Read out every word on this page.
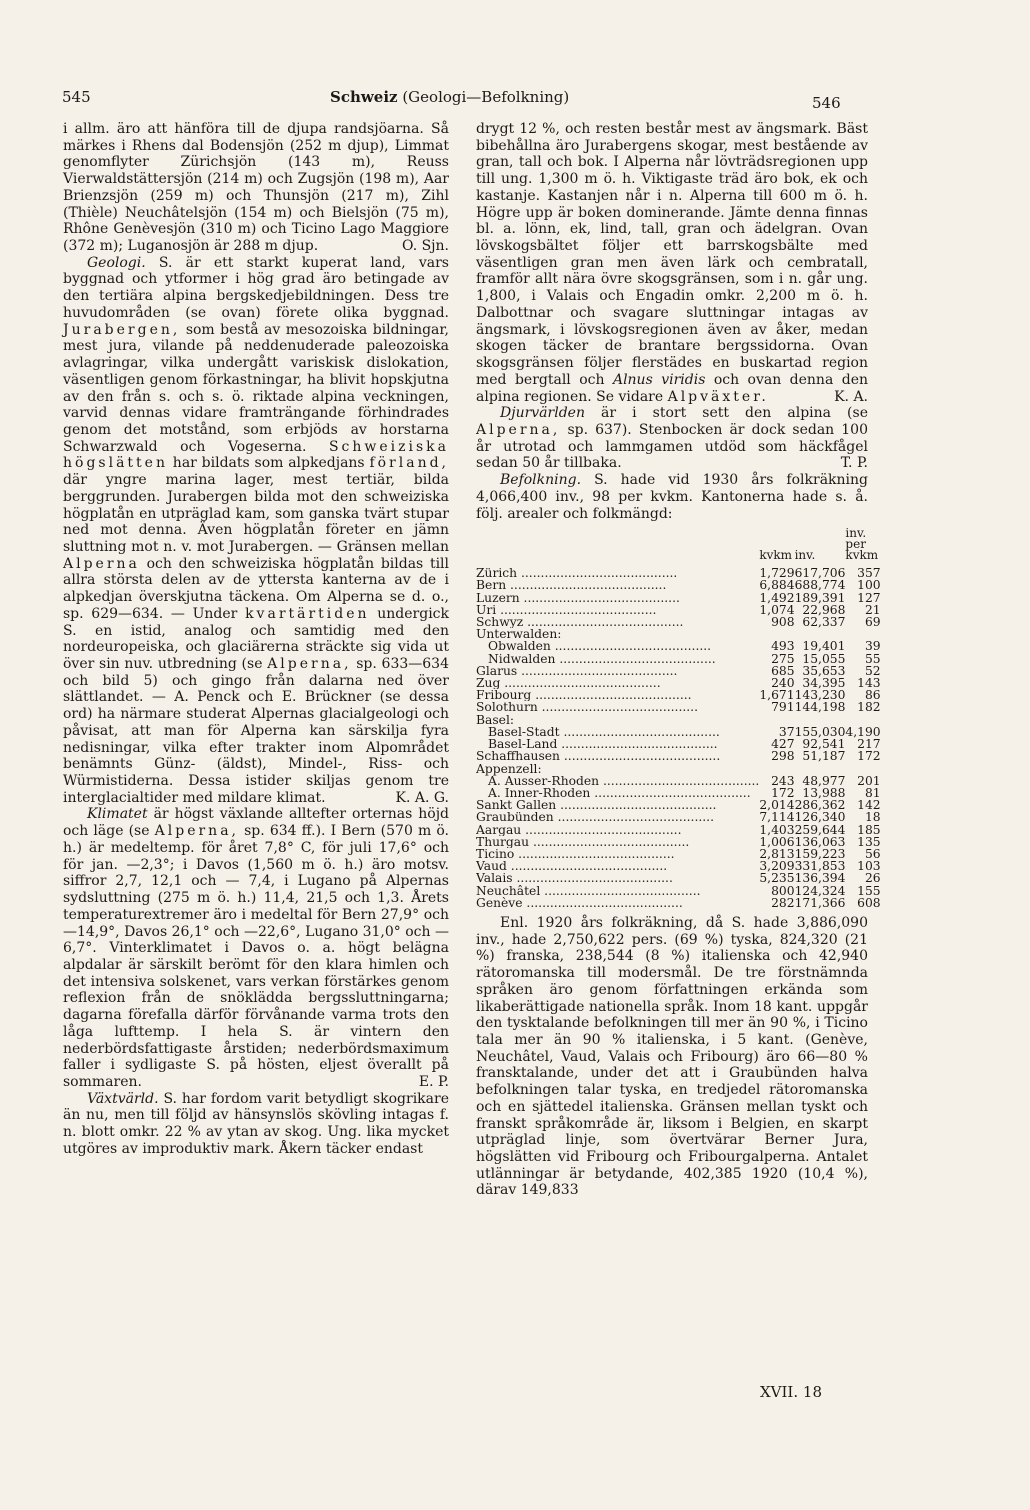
545	Schweiz (Geologi—Befolkning)	546

i allm. äro att hänföra till de djupa randsjöarna. Så märkes i Rhens dal Bodensjön (252 m djup), Limmat genomflyter Zürichsjön (143 m), Reuss Vierwaldstättersjön (214 m) och Zugsjön (198 m), Aar Brienzsjön (259 m) och Thunsjön (217 m), Zihl (Thièle) Neuchâtelsjön (154 m) och Bielsjön (75 m), Rhône Genèvesjön (310 m) och Ticino Lago Maggiore (372 m); Luganosjön är 288 m djup.	O. Sjn.

Geologi. S. är ett starkt kuperat land, vars byggnad och ytformer i hög grad äro betingade av den tertiära alpina bergskedjebildningen. Dess tre huvudområden (se ovan) förete olika byggnad. Jurabergen, som bestå av mesozoiska bildningar, mest jura, vilande på neddenuderade paleozoiska avlagringar, vilka undergått variskisk dislokation, väsentligen genom förkastningar, ha blivit hopskjutna av den från s. och s. ö. riktade alpina veckningen, varvid dennas vidare framträngande förhindrades genom det motstånd, som erbjöds av horstarna Schwarzwald och Vogeserna. Schweiziska högslätten har bildats som alpkedjans förland, där yngre marina lager, mest tertiär, bilda berggrunden. Jurabergen bilda mot den schweiziska högplatån en utpräglad kam, som ganska tvärt stupar ned mot denna. Även högplatån företer en jämn sluttning mot n. v. mot Jurabergen. — Gränsen mellan Alperna och den schweiziska högplatån bildas till allra största delen av de yttersta kanterna av de i alpkedjan överskjutna täckena. Om Alperna se d. o., sp. 629—634. — Under kvartärtiden undergick S. en istid, analog och samtidig med den nordeuropeiska, och glaciärerna sträckte sig vida ut över sin nuv. utbredning (se Alperna, sp. 633—634 och bild 5) och gingo från dalarna ned över slättlandet. — A. Penck och E. Brückner (se dessa ord) ha närmare studerat Alpernas glacialgeologi och påvisat, att man för Alperna kan särskilja fyra nedisningar, vilka efter trakter inom Alpområdet benämnts Günz- (äldst), Mindel-, Riss- och Würmistiderna. Dessa istider skiljas genom tre interglacialtider med mildare klimat.	K. A. G.

Klimatet är högst växlande alltefter orternas höjd och läge (se Alperna, sp. 634 ff.). I Bern (570 m ö. h.) är medeltemp. för året 7,8° C, för juli 17,6° och för jan. —2,3°; i Davos (1,560 m ö. h.) äro motsv. siffror 2,7, 12,1 och — 7,4, i Lugano på Alpernas sydsluttning (275 m ö. h.) 11,4, 21,5 och 1,3. Årets temperaturextremer äro i medeltal för Bern 27,9° och —14,9°, Davos 26,1° och —22,6°, Lugano 31,0° och — 6,7°. Vinterklimatet i Davos o. a. högt belägna alpdalar är särskilt berömt för den klara himlen och det intensiva solskenet, vars verkan förstärkes genom reflexion från de snöklädda bergssluttningarna; dagarna förefalla därför förvånande varma trots den låga lufttemp. I hela S. är vintern den nederbördsfattigaste årstiden; nederbördsmaximum faller i sydligaste S. på hösten, eljest överallt på sommaren.	E. P.

Växtvärld. S. har fordom varit betydligt skogrikare än nu, men till följd av hänsynslös skövling intagas f. n. blott omkr. 22 % av ytan av skog. Ung. lika mycket utgöres av improduktiv mark. Åkern täcker endast

drygt 12 %, och resten består mest av ängsmark. Bäst bibehållna äro Jurabergens skogar, mest bestående av gran, tall och bok. I Alperna når lövträdsregionen upp till ung. 1,300 m ö. h. Viktigaste träd äro bok, ek och kastanje. Kastanjen når i n. Alperna till 600 m ö. h. Högre upp är boken dominerande. Jämte denna finnas bl. a. lönn, ek, lind, tall, gran och ädelgran. Ovan lövskogsbältet följer ett barrskogsbälte med väsentligen gran men även lärk och cembratall, framför allt nära övre skogsgränsen, som i n. går ung. 1,800, i Valais och Engadin omkr. 2,200 m ö. h. Dalbottnar och svagare sluttningar intagas av ängsmark, i lövskogsregionen även av åker, medan skogen täcker de brantare bergssidorna. Ovan skogsgränsen följer flerstädes en buskartad region med bergtall och Alnus viridis och ovan denna den alpina regionen. Se vidare Alpväxter.	K. A.

Djurvärlden är i stort sett den alpina (se Alperna, sp. 637). Stenbocken är dock sedan 100 år utrotad och lammgamen utdöd som häckfågel sedan 50 år tillbaka.	T. P.

Befolkning. S. hade vid 1930 års folkräkning 4,066,400 inv., 98 per kvkm. Kantonerna hade s. å. följ. arealer och folkmängd:

	kvkm	inv.	inv. per kvkm
Zürich ........................................	1,729	617,706	357
Bern ........................................	6,884	688,774	100
Luzern ........................................	1,492	189,391	127
Uri ........................................	1,074	22,968	21
Schwyz ........................................	908	62,337	69
Unterwalden:			
Obwalden ........................................	493	19,401	39
Nidwalden ........................................	275	15,055	55
Glarus ........................................	685	35,653	52
Zug ........................................	240	34,395	143
Fribourg ........................................	1,671	143,230	86
Solothurn ........................................	791	144,198	182
Basel:			
Basel-Stadt ........................................	37	155,030	4,190
Basel-Land ........................................	427	92,541	217
Schaffhausen ........................................	298	51,187	172
Appenzell:			
A. Ausser-Rhoden ........................................	243	48,977	201
A. Inner-Rhoden ........................................	172	13,988	81
Sankt Gallen ........................................	2,014	286,362	142
Graubünden ........................................	7,114	126,340	18
Aargau ........................................	1,403	259,644	185
Thurgau ........................................	1,006	136,063	135
Ticino ........................................	2,813	159,223	56
Vaud ........................................	3,209	331,853	103
Valais ........................................	5,235	136,394	26
Neuchâtel ........................................	800	124,324	155
Genève ........................................	282	171,366	608

Enl. 1920 års folkräkning, då S. hade 3,886,090 inv., hade 2,750,622 pers. (69 %) tyska, 824,320 (21 %) franska, 238,544 (8 %) italienska och 42,940 rätoromanska till modersmål. De tre förstnämnda språken äro genom författningen erkända som likaberättigade nationella språk. Inom 18 kant. uppgår den tysktalande befolkningen till mer än 90 %, i Ticino tala mer än 90 % italienska, i 5 kant. (Genève, Neuchâtel, Vaud, Valais och Fribourg) äro 66—80 % fransktalande, under det att i Graubünden halva befolkningen talar tyska, en tredjedel rätoromanska och en sjättedel italienska. Gränsen mellan tyskt och franskt språkområde är, liksom i Belgien, en skarpt utpräglad linje, som övertvärar Berner Jura, högslätten vid Fribourg och Fribourgalperna. Antalet utlänningar är betydande, 402,385 1920 (10,4 %), därav 149,833

XVII. 18
